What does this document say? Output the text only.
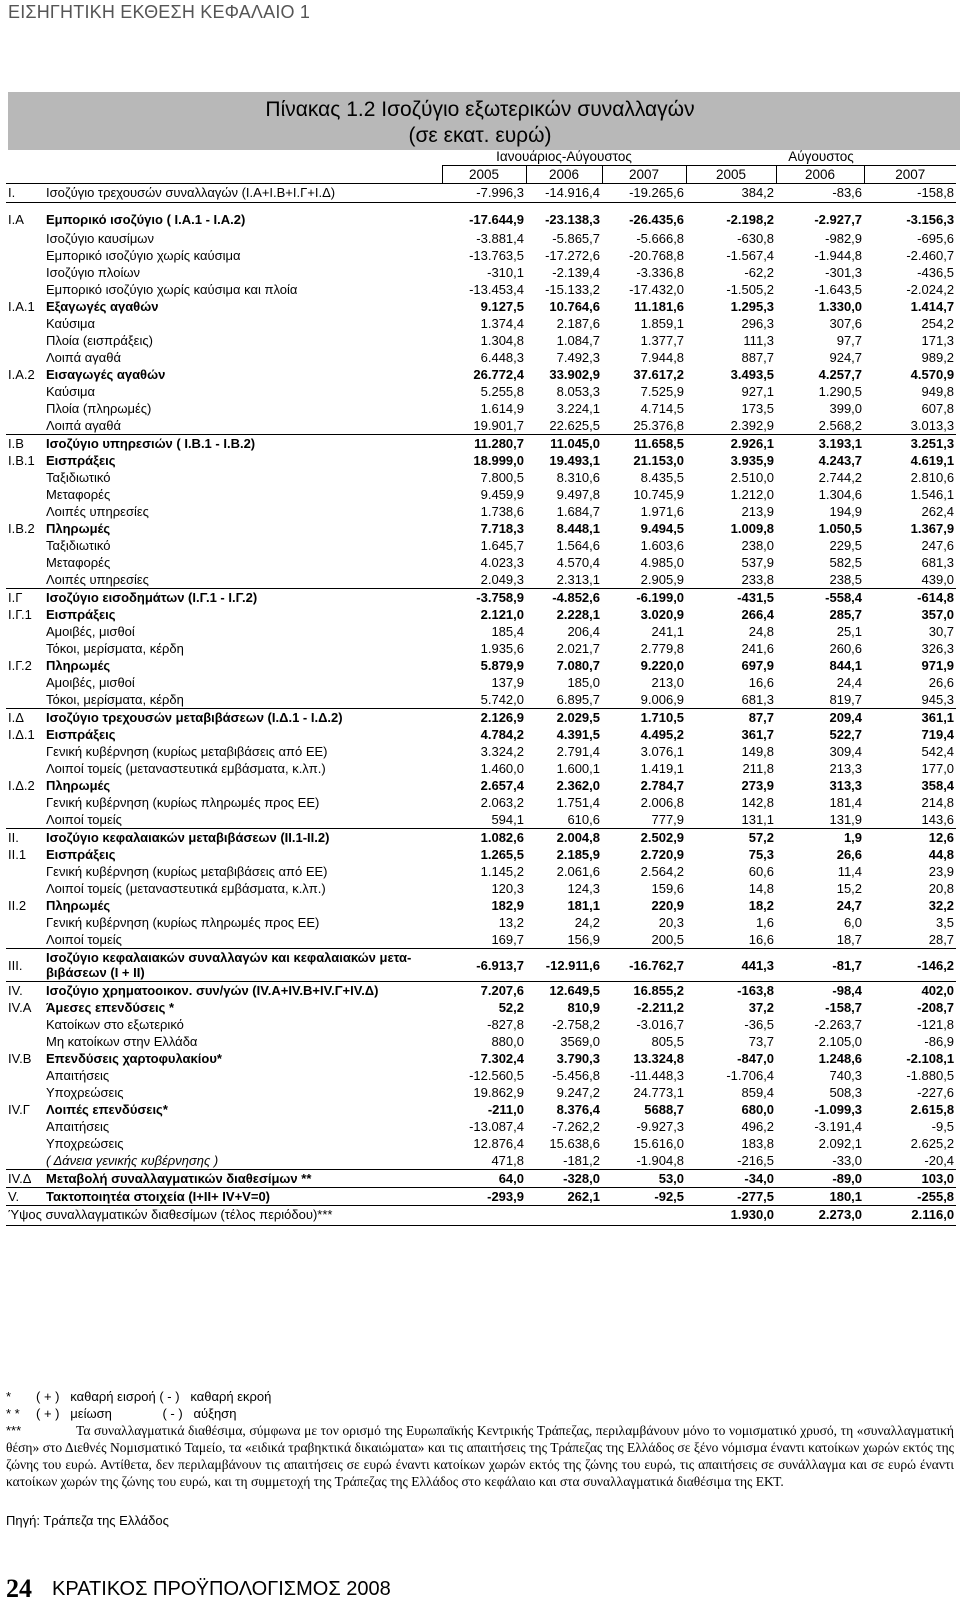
ΕΙΣΗΓΗΤΙΚΗ ΕΚΘΕΣΗ ΚΕΦΑΛΑΙΟ 1
Πίνακας 1.2 Ισοζύγιο εξωτερικών συναλλαγών
(σε εκατ. ευρώ)
		Ιανουάριος-Αύγουστος			Αύγουστος		
		2005	2006	2007	2005	2006	2007
I.	Ισοζύγιο τρεχουσών συναλλαγών (I.A+I.B+I.Γ+I.Δ)	-7.996,3	-14.916,4	-19.265,6	384,2	-83,6	-158,8
I.A	Εμπορικό ισοζύγιο ( I.A.1 - I.A.2)	-17.644,9	-23.138,3	-26.435,6	-2.198,2	-2.927,7	-3.156,3
	Ισοζύγιο καυσίμων	-3.881,4	-5.865,7	-5.666,8	-630,8	-982,9	-695,6
	Εμπορικό ισοζύγιο χωρίς καύσιμα	-13.763,5	-17.272,6	-20.768,8	-1.567,4	-1.944,8	-2.460,7
	Ισοζύγιο πλοίων	-310,1	-2.139,4	-3.336,8	-62,2	-301,3	-436,5
	Εμπορικό ισοζύγιο χωρίς καύσιμα και πλοία	-13.453,4	-15.133,2	-17.432,0	-1.505,2	-1.643,5	-2.024,2
I.A.1	Εξαγωγές αγαθών	9.127,5	10.764,6	11.181,6	1.295,3	1.330,0	1.414,7
	Καύσιμα	1.374,4	2.187,6	1.859,1	296,3	307,6	254,2
	Πλοία (εισπράξεις)	1.304,8	1.084,7	1.377,7	111,3	97,7	171,3
	Λοιπά αγαθά	6.448,3	7.492,3	7.944,8	887,7	924,7	989,2
I.A.2	Εισαγωγές αγαθών	26.772,4	33.902,9	37.617,2	3.493,5	4.257,7	4.570,9
	Καύσιμα	5.255,8	8.053,3	7.525,9	927,1	1.290,5	949,8
	Πλοία (πληρωμές)	1.614,9	3.224,1	4.714,5	173,5	399,0	607,8
	Λοιπά αγαθά	19.901,7	22.625,5	25.376,8	2.392,9	2.568,2	3.013,3
I.B	Ισοζύγιο υπηρεσιών ( I.B.1 - I.B.2)	11.280,7	11.045,0	11.658,5	2.926,1	3.193,1	3.251,3
I.B.1	Εισπράξεις	18.999,0	19.493,1	21.153,0	3.935,9	4.243,7	4.619,1
	Ταξιδιωτικό	7.800,5	8.310,6	8.435,5	2.510,0	2.744,2	2.810,6
	Μεταφορές	9.459,9	9.497,8	10.745,9	1.212,0	1.304,6	1.546,1
	Λοιπές υπηρεσίες	1.738,6	1.684,7	1.971,6	213,9	194,9	262,4
I.B.2	Πληρωμές	7.718,3	8.448,1	9.494,5	1.009,8	1.050,5	1.367,9
	Ταξιδιωτικό	1.645,7	1.564,6	1.603,6	238,0	229,5	247,6
	Μεταφορές	4.023,3	4.570,4	4.985,0	537,9	582,5	681,3
	Λοιπές υπηρεσίες	2.049,3	2.313,1	2.905,9	233,8	238,5	439,0
I.Γ	Ισοζύγιο εισοδημάτων (I.Γ.1 - I.Γ.2)	-3.758,9	-4.852,6	-6.199,0	-431,5	-558,4	-614,8
I.Γ.1	Εισπράξεις	2.121,0	2.228,1	3.020,9	266,4	285,7	357,0
	Αμοιβές, μισθοί	185,4	206,4	241,1	24,8	25,1	30,7
	Τόκοι, μερίσματα, κέρδη	1.935,6	2.021,7	2.779,8	241,6	260,6	326,3
I.Γ.2	Πληρωμές	5.879,9	7.080,7	9.220,0	697,9	844,1	971,9
	Αμοιβές, μισθοί	137,9	185,0	213,0	16,6	24,4	26,6
	Τόκοι, μερίσματα, κέρδη	5.742,0	6.895,7	9.006,9	681,3	819,7	945,3
I.Δ	Ισοζύγιο τρεχουσών μεταβιβάσεων (I.Δ.1 - I.Δ.2)	2.126,9	2.029,5	1.710,5	87,7	209,4	361,1
I.Δ.1	Εισπράξεις	4.784,2	4.391,5	4.495,2	361,7	522,7	719,4
	Γενική κυβέρνηση (κυρίως μεταβιβάσεις από ΕΕ)	3.324,2	2.791,4	3.076,1	149,8	309,4	542,4
	Λοιποί τομείς (μεταναστευτικά εμβάσματα, κ.λπ.)	1.460,0	1.600,1	1.419,1	211,8	213,3	177,0
I.Δ.2	Πληρωμές	2.657,4	2.362,0	2.784,7	273,9	313,3	358,4
	Γενική κυβέρνηση (κυρίως πληρωμές προς ΕΕ)	2.063,2	1.751,4	2.006,8	142,8	181,4	214,8
	Λοιποί τομείς	594,1	610,6	777,9	131,1	131,9	143,6
II.	Ισοζύγιο κεφαλαιακών μεταβιβάσεων (II.1-II.2)	1.082,6	2.004,8	2.502,9	57,2	1,9	12,6
II.1	Εισπράξεις	1.265,5	2.185,9	2.720,9	75,3	26,6	44,8
	Γενική κυβέρνηση (κυρίως μεταβιβάσεις από ΕΕ)	1.145,2	2.061,6	2.564,2	60,6	11,4	23,9
	Λοιποί τομείς (μεταναστευτικά εμβάσματα, κ.λπ.)	120,3	124,3	159,6	14,8	15,2	20,8
II.2	Πληρωμές	182,9	181,1	220,9	18,2	24,7	32,2
	Γενική κυβέρνηση (κυρίως πληρωμές προς ΕΕ)	13,2	24,2	20,3	1,6	6,0	3,5
	Λοιποί τομείς	169,7	156,9	200,5	16,6	18,7	28,7
III.	Ισοζύγιο κεφαλαιακών συναλλαγών και κεφαλαιακών μετα-βιβάσεων (I + II)	-6.913,7	-12.911,6	-16.762,7	441,3	-81,7	-146,2
IV.	Ισοζύγιο χρηματοοικον. συν/γών (IV.A+IV.B+IV.Γ+IV.Δ)	7.207,6	12.649,5	16.855,2	-163,8	-98,4	402,0
IV.A	Άμεσες επενδύσεις *	52,2	810,9	-2.211,2	37,2	-158,7	-208,7
	Κατοίκων στο εξωτερικό	-827,8	-2.758,2	-3.016,7	-36,5	-2.263,7	-121,8
	Μη κατοίκων στην Ελλάδα	880,0	3569,0	805,5	73,7	2.105,0	-86,9
IV.B	Επενδύσεις χαρτοφυλακίου*	7.302,4	3.790,3	13.324,8	-847,0	1.248,6	-2.108,1
	Απαιτήσεις	-12.560,5	-5.456,8	-11.448,3	-1.706,4	740,3	-1.880,5
	Υποχρεώσεις	19.862,9	9.247,2	24.773,1	859,4	508,3	-227,6
IV.Γ	Λοιπές επενδύσεις*	-211,0	8.376,4	5688,7	680,0	-1.099,3	2.615,8
	Απαιτήσεις	-13.087,4	-7.262,2	-9.927,3	496,2	-3.191,4	-9,5
	Υποχρεώσεις	12.876,4	15.638,6	15.616,0	183,8	2.092,1	2.625,2
	( Δάνεια γενικής κυβέρνησης )	471,8	-181,2	-1.904,8	-216,5	-33,0	-20,4
IV.Δ	Μεταβολή συναλλαγματικών διαθεσίμων **	64,0	-328,0	53,0	-34,0	-89,0	103,0
V.	Τακτοποιητέα στοιχεία (I+II+ IV+V=0)	-293,9	262,1	-92,5	-277,5	180,1	-255,8
Ύψος συναλλαγματικών διαθεσίμων (τέλος περιόδου)***					1.930,0	2.273,0	2.116,0
* ( + )   καθαρή εισροή ( - )   καθαρή εκροή
* * ( + )   μείωση              ( - )   αύξηση
***	Τα συναλλαγματικά διαθέσιμα, σύμφωνα με τον ορισμό της Ευρωπαϊκής Κεντρικής Τράπεζας, περιλαμβάνουν μόνο το νομισματικό χρυσό, τη «συναλλαγματική θέση» στο Διεθνές Νομισματικό Ταμείο, τα «ειδικά τραβηκτικά δικαιώματα» και τις απαιτήσεις της Τράπεζας της Ελλάδος σε ξένο νόμισμα έναντι κατοίκων χωρών εκτός της ζώνης του ευρώ. Αντίθετα, δεν περιλαμβάνουν τις απαιτήσεις σε ευρώ έναντι κατοίκων χωρών εκτός της ζώνης του ευρώ, τις απαιτήσεις σε συνάλλαγμα και σε ευρώ έναντι κατοίκων χωρών της ζώνης του ευρώ, και τη συμμετοχή της Τράπεζας της Ελλάδος στο κεφάλαιο και στα συναλλαγματικά διαθέσιμα της ΕΚΤ.
Πηγή: Τράπεζα της Ελλάδος
24 ΚΡΑΤΙΚΟΣ ΠΡΟΫΠΟΛΟΓΙΣΜΟΣ 2008
